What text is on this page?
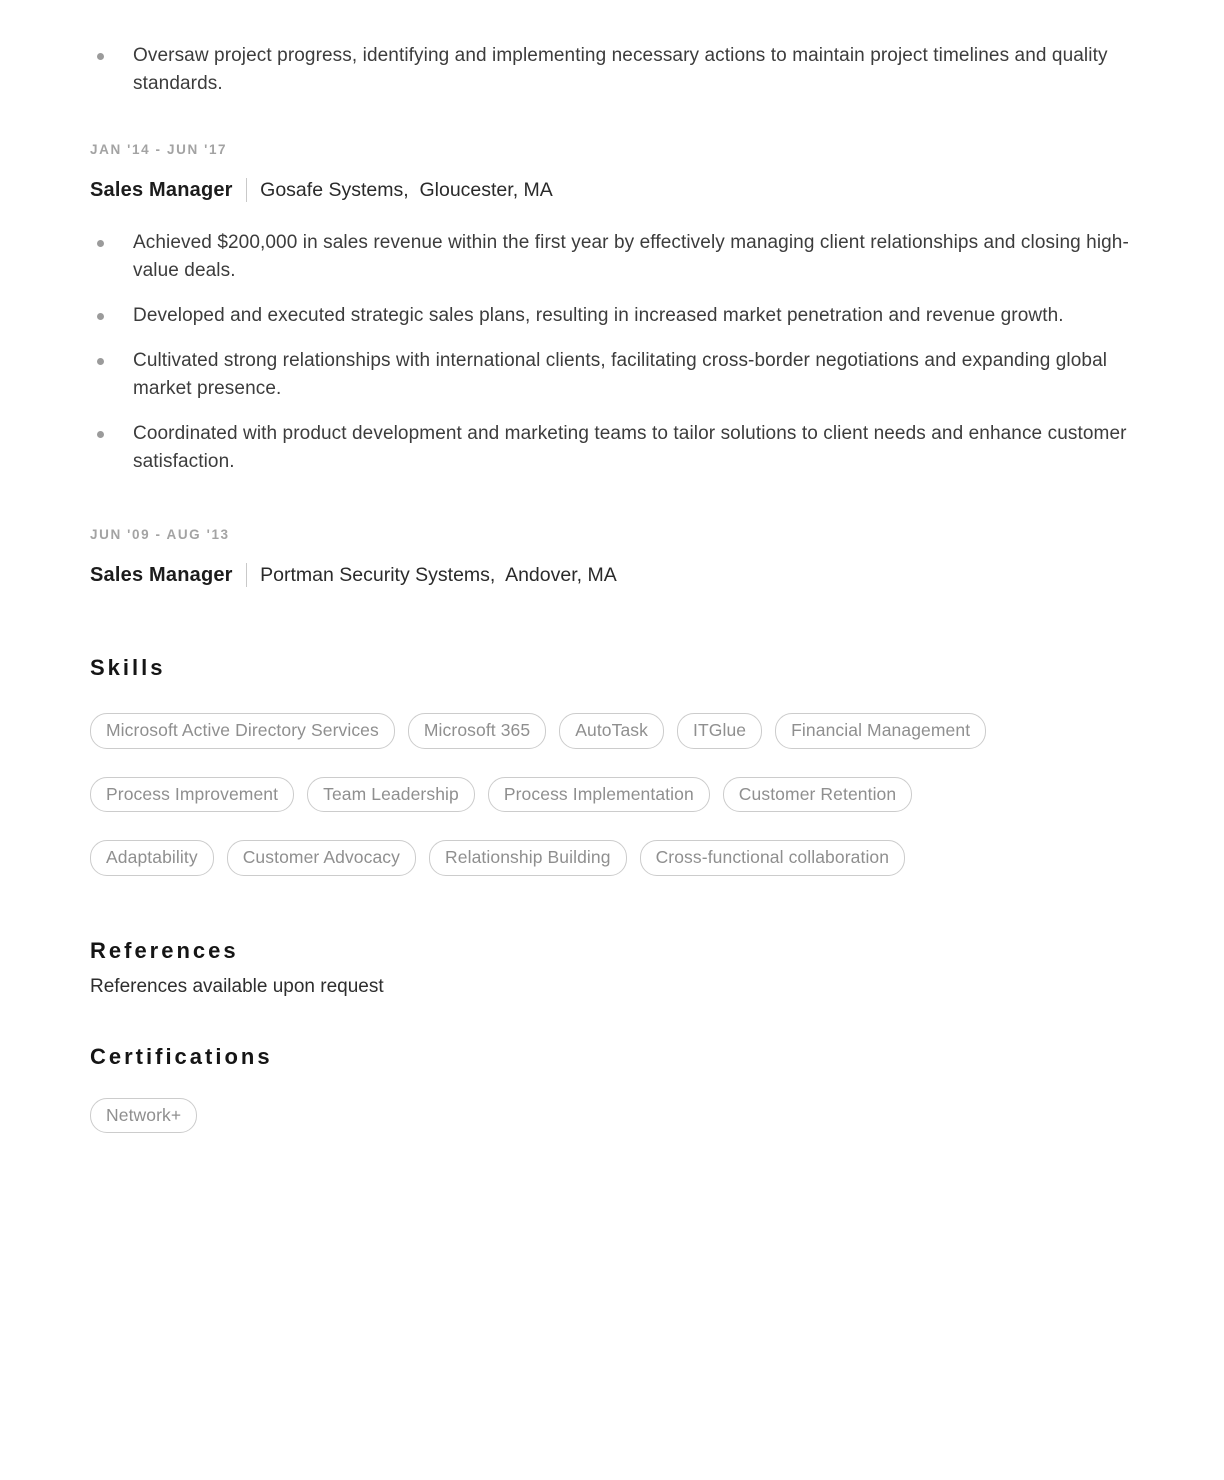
Oversaw project progress, identifying and implementing necessary actions to maintain project timelines and quality standards.
JAN '14 - JUN '17
Sales Manager Gosafe Systems,  Gloucester, MA
Achieved $200,000 in sales revenue within the first year by effectively managing client relationships and closing high-value deals.
Developed and executed strategic sales plans, resulting in increased market penetration and revenue growth.
Cultivated strong relationships with international clients, facilitating cross-border negotiations and expanding global market presence.
Coordinated with product development and marketing teams to tailor solutions to client needs and enhance customer satisfaction.
JUN '09 - AUG '13
Sales Manager Portman Security Systems,  Andover, MA
Skills
Microsoft Active Directory Services	Microsoft 365	AutoTask	ITGlue	Financial Management
Process Improvement	Team Leadership	Process Implementation	Customer Retention
Adaptability	Customer Advocacy	Relationship Building	Cross-functional collaboration
References
References available upon request
Certifications
Network+
